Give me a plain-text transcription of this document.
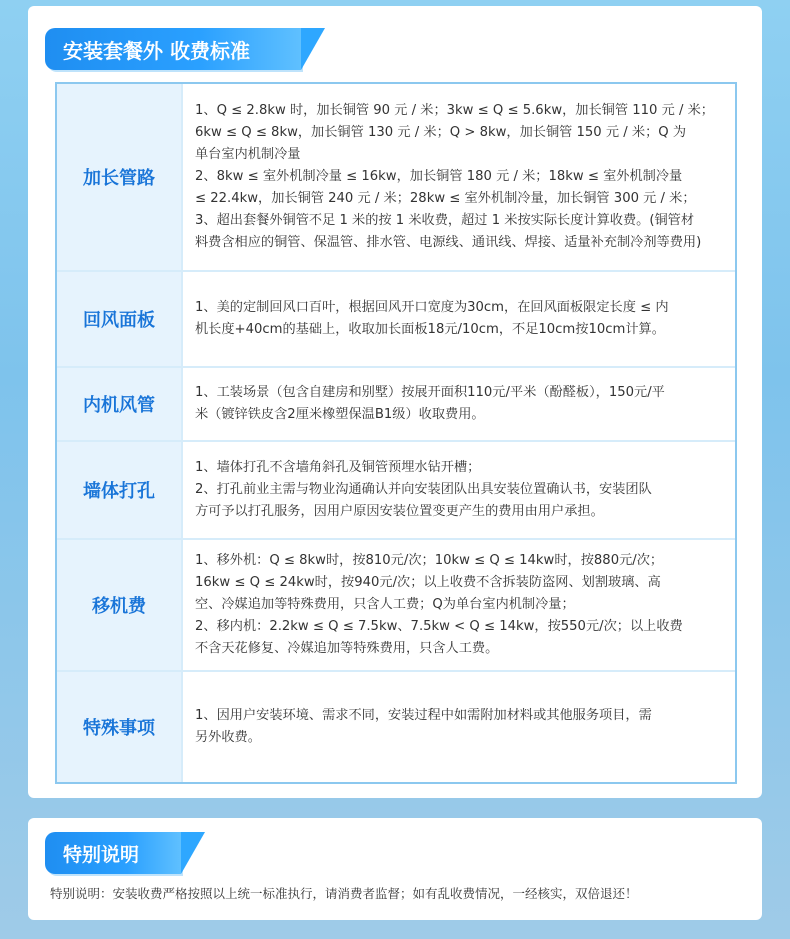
安装套餐外 收费标准
加长管路
1、Q ≤ 2.8kw 时，加长铜管 90 元 / 米；3kw ≤ Q ≤ 5.6kw，加长铜管 110 元 / 米；
6kw ≤ Q ≤ 8kw，加长铜管 130 元 / 米；Q > 8kw，加长铜管 150 元 / 米；Q 为
单台室内机制冷量
2、8kw ≤ 室外机制冷量 ≤ 16kw，加长铜管 180 元 / 米；18kw ≤ 室外机制冷量
≤ 22.4kw，加长铜管 240 元 / 米；28kw ≤ 室外机制冷量，加长铜管 300 元 / 米；
3、超出套餐外铜管不足 1 米的按 1 米收费，超过 1 米按实际长度计算收费。(铜管材
料费含相应的铜管、保温管、排水管、电源线、通讯线、焊接、适量补充制冷剂等费用)
回风面板
1、美的定制回风口百叶，根据回风开口宽度为30cm，在回风面板限定长度 ≤ 内
机长度+40cm的基础上，收取加长面板18元/10cm，不足10cm按10cm计算。
内机风管
1、工装场景（包含自建房和别墅）按展开面积110元/平米（酚醛板），150元/平
米（镀锌铁皮含2厘米橡塑保温B1级）收取费用。
墙体打孔
1、墙体打孔不含墙角斜孔及铜管预埋水钻开槽；
2、打孔前业主需与物业沟通确认并向安装团队出具安装位置确认书，安装团队
方可予以打孔服务，因用户原因安装位置变更产生的费用由用户承担。
移机费
1、移外机：Q ≤ 8kw时，按810元/次；10kw ≤ Q ≤ 14kw时，按880元/次；
16kw ≤ Q ≤ 24kw时，按940元/次；以上收费不含拆装防盗网、划割玻璃、高
空、冷媒追加等特殊费用，只含人工费；Q为单台室内机制冷量；
2、移内机：2.2kw ≤ Q ≤ 7.5kw、7.5kw < Q ≤ 14kw，按550元/次；以上收费
不含天花修复、冷媒追加等特殊费用，只含人工费。
特殊事项
1、因用户安装环境、需求不同，安装过程中如需附加材料或其他服务项目，需
另外收费。
特别说明
特别说明：安装收费严格按照以上统一标准执行，请消费者监督；如有乱收费情况，一经核实，双倍退还！
